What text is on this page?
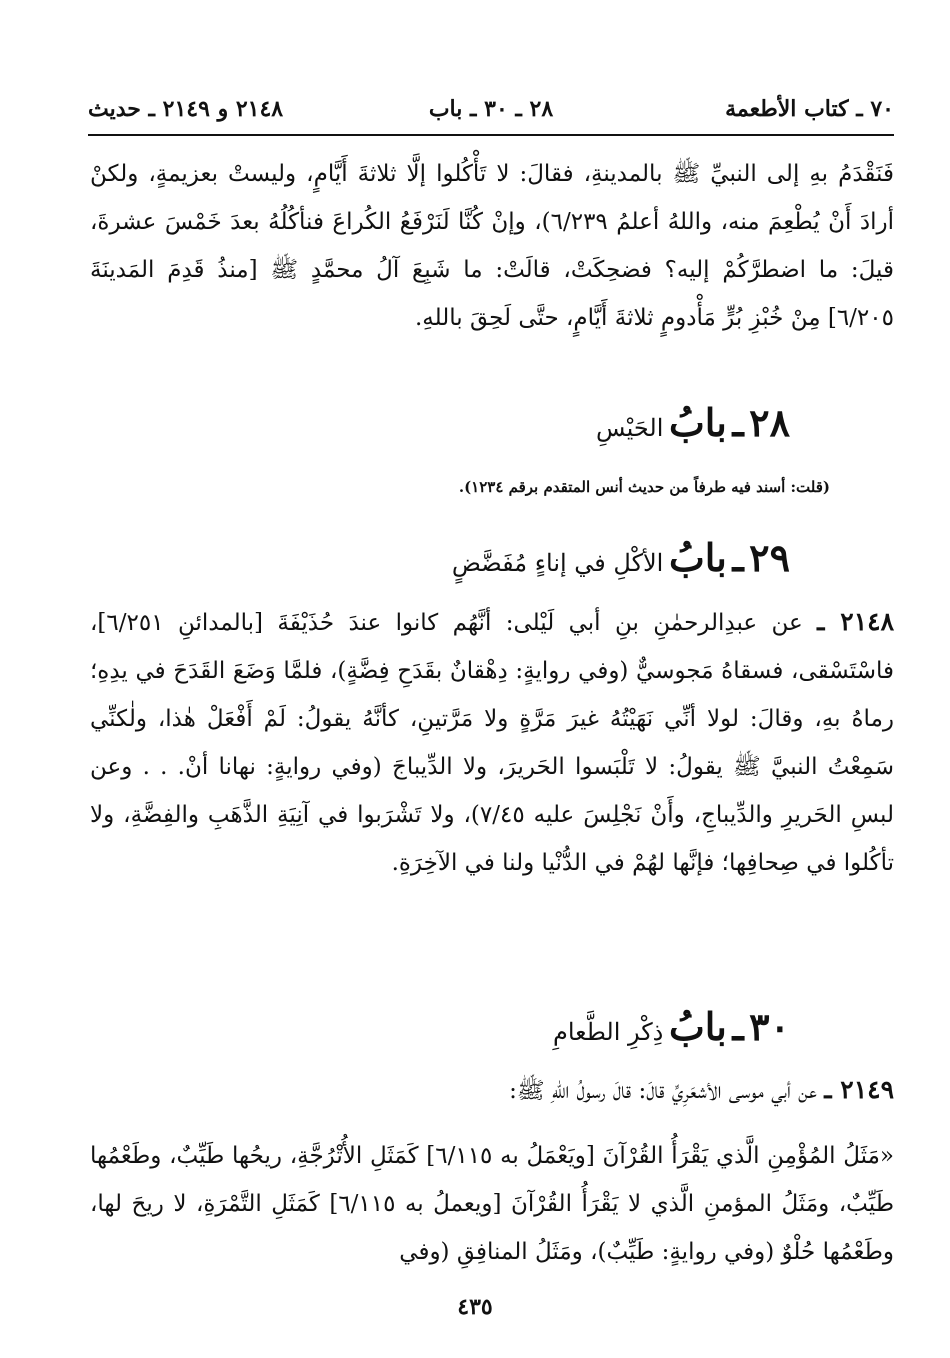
٧٠ ـ كتاب الأطعمة
٢٨ ـ ٣٠ ـ باب
٢١٤٨ و ٢١٤٩ ـ حديث

فَنَقْدَمُ بهِ إلى النبيِّ ﷺ بالمدينةِ، فقالَ: لا تَأْكُلوا إلَّا ثلاثةَ أَيَّامٍ، وليستْ بعزيمةٍ، ولكنْ أرادَ أَنْ يُطْعِمَ منه، واللهُ أعلمُ ٦/٢٣٩)، وإنْ كُنَّا لَنَرْفَعُ الكُراعَ فنأكُلُهُ بعدَ خَمْسَ عشرةَ، قيلَ: ما اضطرَّكُمْ إليه؟ فضحِكَتْ، قالَتْ: ما شَبِعَ آلُ محمَّدٍ ﷺ [منذُ قَدِمَ المَدينَةَ ٦/٢٠٥] مِنْ خُبْزِ بُرٍّ مَأْدومٍ ثلاثةَ أَيَّامٍ، حتَّى لَحِقَ باللهِ.

٢٨ ـ بابُ الحَيْسِ
(قلت: أسند فيه طرفاً من حديث أنس المتقدم برقم ١٢٣٤).
٢٩ ـ بابُ الأكْلِ في إناءٍ مُفَضَّضٍ

٢١٤٨ ـ عن عبدِالرحمٰنِ بنِ أبي لَيْلى: أنَّهُم كانوا عندَ حُذَيْفَةَ [بالمدائنِ ٦/٢٥١]، فاسْتَسْقى، فسقاهُ مَجوسيٌّ (وفي روايةٍ: دِهْقانٌ بقَدَحِ فِضَّةٍ)، فلمَّا وَضَعَ القَدَحَ في يدِهِ؛ رماهُ بهِ، وقالَ: لولا أنِّي نَهَيْتُهُ غيرَ مَرَّةٍ ولا مَرَّتينِ، كأنَّهُ يقولُ: لَمْ أَفْعَلْ هٰذا، ولٰكنِّي سَمِعْتُ النبيَّ ﷺ يقولُ: لا تَلْبَسوا الحَريرَ، ولا الدِّيباجَ (وفي روايةٍ: نهانا أنْ. . . وعن لبسِ الحَريرِ والدِّيباجِ، وأَنْ نَجْلِسَ عليه ٧/٤٥)، ولا تَشْرَبوا في آنِيَةِ الذَّهَبِ والفِضَّةِ، ولا تأكُلوا في صِحافِها؛ فإنَّها لهُمْ في الدُّنْيا ولنا في الآخِرَةِ.

٣٠ ـ بابُ ذِكْرِ الطَّعامِ

٢١٤٩ ـ عن أبي موسى الأشعَرِيِّ قالَ: قالَ رسولُ اللهِ ﷺ:

«مَثَلُ المُؤْمِنِ الَّذي يَقْرَأُ القُرْآنَ [ويَعْمَلُ به ٦/١١٥] كَمَثَلِ الأُتْرُجَّةِ، ريحُها طَيِّبٌ، وطَعْمُها طَيِّبٌ، ومَثَلُ المؤمنِ الَّذي لا يَقْرَأُ القُرْآنَ [ويعملُ به ٦/١١٥] كَمَثَلِ التَّمْرَةِ، لا ريحَ لها، وطَعْمُها حُلْوٌ (وفي روايةٍ: طَيِّبٌ)، ومَثَلُ المنافِقِ (وفي

٤٣٥
